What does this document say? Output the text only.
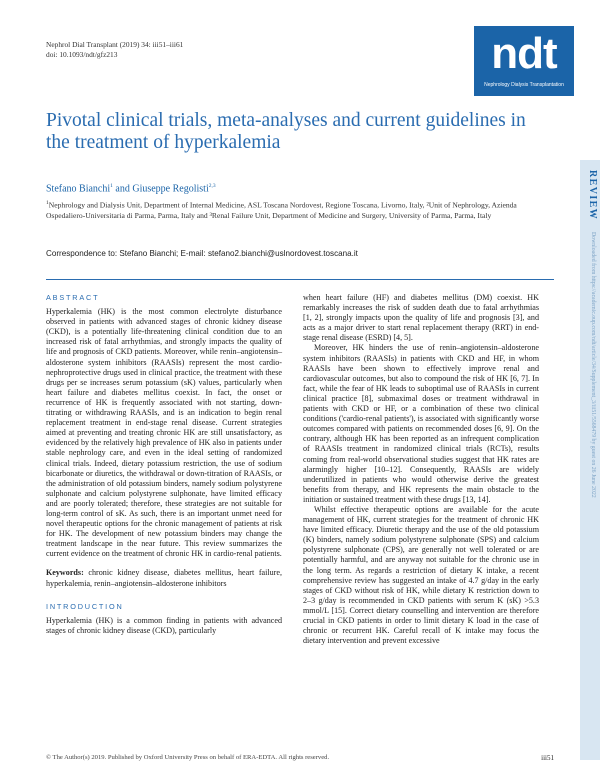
Nephrol Dial Transplant (2019) 34: iii51–iii61
doi: 10.1093/ndt/gfz213	ndt
Nephrology Dialysis Transplantation
REVIEW
Downloaded from https://academic.oup.com/ndt/article/34/Supplement_3/iii51/5568479 by guest on 26 June 2022
Pivotal clinical trials, meta-analyses and current guidelines in the treatment of hyperkalemia
Stefano Bianchi$^1$ and Giuseppe Regolisti$^{2,3}$
$^1$Nephrology and Dialysis Unit, Department of Internal Medicine, ASL Toscana Nordovest, Regione Toscana, Livorno, Italy, ²Unit of Nephrology, Azienda Ospedaliero-Universitaria di Parma, Parma, Italy and ³Renal Failure Unit, Department of Medicine and Surgery, University of Parma, Parma, Italy
Correspondence to: Stefano Bianchi; E-mail: stefano2.bianchi@uslnordovest.toscana.it
ABSTRACT

Hyperkalemia (HK) is the most common electrolyte disturbance observed in patients with advanced stages of chronic kidney disease (CKD), is a potentially life-threatening clinical condition due to an increased risk of fatal arrhythmias, and strongly impacts the quality of life and prognosis of CKD patients. Moreover, while renin–angiotensin–aldosterone system inhibitors (RAASIs) represent the most cardio-nephroprotective drugs used in clinical practice, the treatment with these drugs per se increases serum potassium (sK) values, particularly when heart failure and diabetes mellitus coexist. In fact, the onset or recurrence of HK is frequently associated with not starting, down-titrating or withdrawing RAASIs, and is an indication to begin renal replacement treatment in end-stage renal disease. Current strategies aimed at preventing and treating chronic HK are still unsatisfactory, as evidenced by the relatively high prevalence of HK also in patients under stable nephrology care, and even in the ideal setting of randomized clinical trials. Indeed, dietary potassium restriction, the use of sodium bicarbonate or diuretics, the withdrawal or down-titration of RAASIs, or the administration of old potassium binders, namely sodium polystyrene sulphonate and calcium polystyrene sulphonate, have limited efficacy and are poorly tolerated; therefore, these strategies are not suitable for long-term control of sK. As such, there is an important unmet need for novel therapeutic options for the chronic management of patients at risk for HK. The development of new potassium binders may change the treatment landscape in the near future. This review summarizes the current evidence on the treatment of chronic HK in cardio-renal patients.

Keywords: chronic kidney disease, diabetes mellitus, heart failure, hyperkalemia, renin–angiotensin–aldosterone inhibitors

INTRODUCTION

Hyperkalemia (HK) is a common finding in patients with advanced stages of chronic kidney disease (CKD), particularly

when heart failure (HF) and diabetes mellitus (DM) coexist. HK remarkably increases the risk of sudden death due to fatal arrhythmias [1, 2], strongly impacts upon the quality of life and prognosis [3], and acts as a major driver to start renal replacement therapy (RRT) in end-stage renal disease (ESRD) [4, 5].

Moreover, HK hinders the use of renin–angiotensin–aldosterone system inhibitors (RAASIs) in patients with CKD and HF, in whom RAASIs have been shown to effectively improve renal and cardiovascular outcomes, but also to compound the risk of HK [6, 7]. In fact, while the fear of HK leads to suboptimal use of RAASIs in current clinical practice [8], submaximal doses or treatment withdrawal in patients with CKD or HF, or a combination of these two clinical conditions ('cardio-renal patients'), is associated with significantly worse outcomes compared with patients on recommended doses [6, 9]. On the contrary, although HK has been reported as an infrequent complication of RAASIs treatment in randomized clinical trials (RCTs), results coming from real-world observational studies suggest that HK rates are alarmingly higher [10–12]. Consequently, RAASIs are widely underutilized in patients who would otherwise derive the greatest benefits from therapy, and HK represents the main obstacle to the initiation or sustained treatment with these drugs [13, 14].

Whilst effective therapeutic options are available for the acute management of HK, current strategies for the treatment of chronic HK have limited efficacy. Diuretic therapy and the use of the old potassium (K) binders, namely sodium polystyrene sulphonate (SPS) and calcium polystyrene sulphonate (CPS), are generally not well tolerated or are potentially harmful, and are anyway not suitable for the chronic use in the long term. As regards a restriction of dietary K intake, a recent comprehensive review has suggested an intake of 4.7 g/day in the early stages of CKD without risk of HK, while dietary K restriction down to 2–3 g/day is recommended in CKD patients with serum K (sK) >5.3 mmol/L [15]. Correct dietary counselling and intervention are therefore crucial in CKD patients in order to limit dietary K load in the case of chronic or recurrent HK. Careful recall of K intake may focus the dietary intervention and prevent excessive

© The Author(s) 2019. Published by Oxford University Press on behalf of ERA-EDTA. All rights reserved.	iii51
